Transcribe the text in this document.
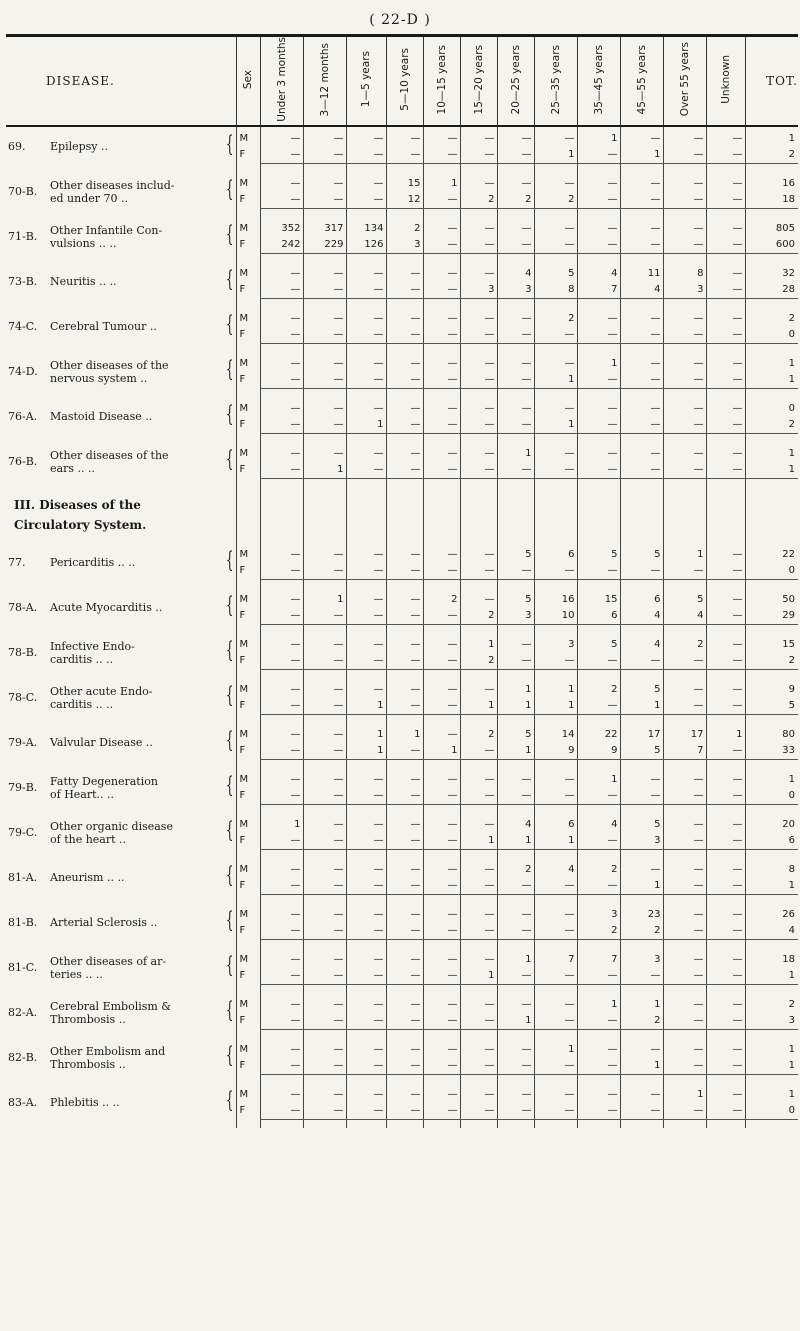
( 22-D )
DISEASE.		Sex	Under 3 months	3—12 months	1—5 years	5—10 years	10—15 years	15—20 years	20—25 years	25—35 years	35—45 years	45—55 years	Over 55 years	Unknown	TOT.
69.	Epilepsy .. {	M	—	—	—	—	—	—	—	—	1	—	—	—	1
		F	—	—	—	—	—	—	—	1	—	1	—	—	2

70-B.	Other diseases includ-
ed under 70 .. {	M	—	—	—	15	1	—	—	—	—	—	—	—	16
		F	—	—	—	12	—	2	2	2	—	—	—	—	18

71-B.	Other Infantile Con-
vulsions .. .. {	M	352	317	134	2	—	—	—	—	—	—	—	—	805
		F	242	229	126	3	—	—	—	—	—	—	—	—	600

73-B.	Neuritis .. .. {	M	—	—	—	—	—	—	4	5	4	11	8	—	32
		F	—	—	—	—	—	3	3	8	7	4	3	—	28

74-C.	Cerebral Tumour .. {	M	—	—	—	—	—	—	—	2	—	—	—	—	2
		F	—	—	—	—	—	—	—	—	—	—	—	—	0

74-D.	Other diseases of the
nervous system .. {	M	—	—	—	—	—	—	—	—	1	—	—	—	1
		F	—	—	—	—	—	—	—	1	—	—	—	—	1

76-A.	Mastoid Disease .. {	M	—	—	—	—	—	—	—	—	—	—	—	—	0
		F	—	—	1	—	—	—	—	1	—	—	—	—	2

76-B.	Other diseases of the
ears .. .. {	M	—	—	—	—	—	—	1	—	—	—	—	—	1
		F	—	1	—	—	—	—	—	—	—	—	—	—	1

III. Diseases of the															
Circulatory System.															

77.	Pericarditis .. .. {	M	—	—	—	—	—	—	5	6	5	5	1	—	22
		F	—	—	—	—	—	—	—	—	—	—	—	—	0

78-A.	Acute Myocarditis .. {	M	—	1	—	—	2	—	5	16	15	6	5	—	50
		F	—	—	—	—	—	2	3	10	6	4	4	—	29

78-B.	Infective Endo-
carditis .. .. {	M	—	—	—	—	—	1	—	3	5	4	2	—	15
		F	—	—	—	—	—	2	—	—	—	—	—	—	2

78-C.	Other acute Endo-
carditis .. .. {	M	—	—	—	—	—	—	1	1	2	5	—	—	9
		F	—	—	1	—	—	1	1	1	—	1	—	—	5

79-A.	Valvular Disease .. {	M	—	—	1	1	—	2	5	14	22	17	17	1	80
		F	—	—	1	—	1	—	1	9	9	5	7	—	33

79-B.	Fatty Degeneration
of Heart.. .. {	M	—	—	—	—	—	—	—	—	1	—	—	—	1
		F	—	—	—	—	—	—	—	—	—	—	—	—	0

79-C.	Other organic disease
of the heart .. {	M	1	—	—	—	—	—	4	6	4	5	—	—	20
		F	—	—	—	—	—	1	1	1	—	3	—	—	6

81-A.	Aneurism .. .. {	M	—	—	—	—	—	—	2	4	2	—	—	—	8
		F	—	—	—	—	—	—	—	—	—	1	—	—	1

81-B.	Arterial Sclerosis .. {	M	—	—	—	—	—	—	—	—	3	23	—	—	26
		F	—	—	—	—	—	—	—	—	2	2	—	—	4

81-C.	Other diseases of ar-
teries .. .. {	M	—	—	—	—	—	—	1	7	7	3	—	—	18
		F	—	—	—	—	—	1	—	—	—	—	—	—	1

82-A.	Cerebral Embolism &
Thrombosis .. {	M	—	—	—	—	—	—	—	—	1	1	—	—	2
		F	—	—	—	—	—	—	1	—	—	2	—	—	3

82-B.	Other Embolism and
Thrombosis .. {	M	—	—	—	—	—	—	—	1	—	—	—	—	1
		F	—	—	—	—	—	—	—	—	—	1	—	—	1

83-A.	Phlebitis .. .. {	M	—	—	—	—	—	—	—	—	—	—	1	—	1
		F	—	—	—	—	—	—	—	—	—	—	—	—	0
